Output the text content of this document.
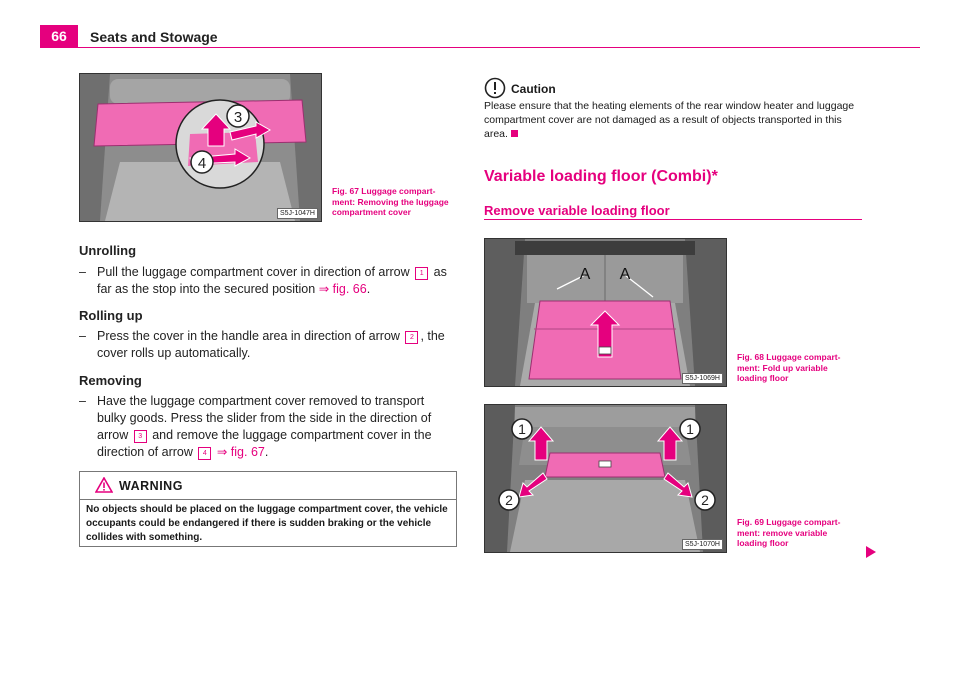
66	Seats and Stowage
3
4
S5J-1047H
Fig. 67 Luggage compart-
ment: Removing the luggage
compartment cover
Unrolling
– Pull the luggage compartment cover in direction of arrow 1 as far as the stop into the secured position ⇒ fig. 66.
Rolling up
– Press the cover in the handle area in direction of arrow 2 , the cover rolls up automatically.
Removing
– Have the luggage compartment cover removed to transport bulky goods. Press the slider from the side in the direction of arrow 3 and remove the luggage compartment cover in the direction of arrow 4 ⇒ fig. 67.
WARNING
No objects should be placed on the luggage compartment cover, the vehicle occupants could be endangered if there is sudden braking or the vehicle collides with something.
Caution
Please ensure that the heating elements of the rear window heater and luggage compartment cover are not damaged as a result of objects transported in this area.
Variable loading floor (Combi)*
Remove variable loading floor
A A
S5J-1069H
Fig. 68 Luggage compart-
ment: Fold up variable
loading floor
1	1
2	2
S5J-1070H
Fig. 69 Luggage compart-
ment: remove variable
loading floor
